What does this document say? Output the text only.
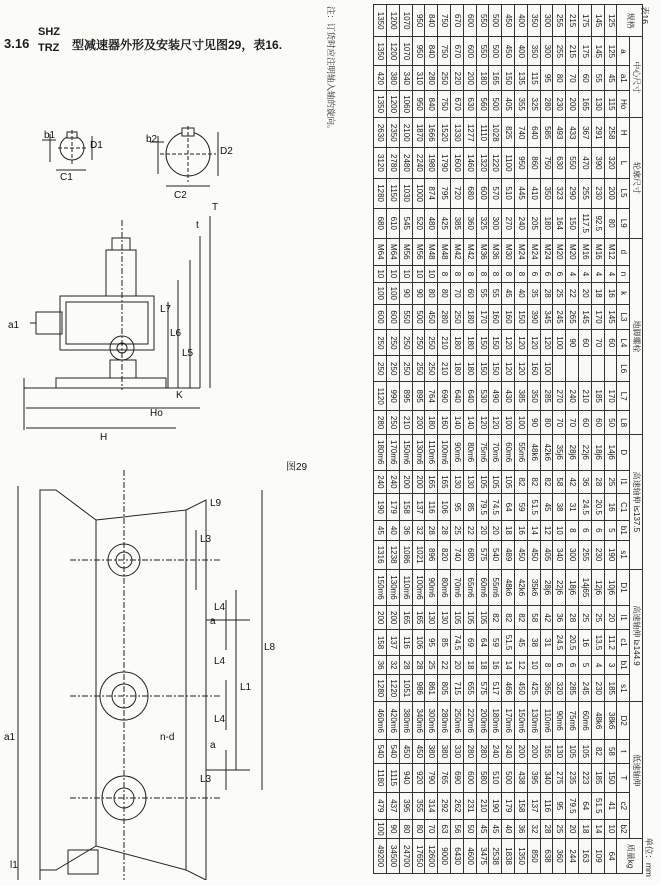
3.16
SHZ
TRZ 型减速器外形及安装尺寸见图29，表16.
b1
D1
C1
b2
D2
C2
t
T
a1
L7
L6
L5
K
Ho
H
L9
a
a
a1
L3
L4
L4
L4
L3
L1
L8
n-d
l1
图29
表16
单位：mm
规格	中心尺寸			轮廓尺寸				地脚螺栓								高速轴伸 i≤137.5					高速轴伸 i≥144.9					低速轴伸					质量kg
	a	a1	Ho	H	L	L5	L9	d	n	k	L3	L4	L6	L7	L8	D	l1	C1	b1	s1	D1	l1	c1	b1	s1	D2	t	T	c2	b2	
125	125	45	115	258	320	200	80	M12	4	16	145	60		170	50	14j6	25	16	5	190	10j6	20	11.2	3	185	38k6	58	150	41	10	64
145	145	55	130	291	390	230	92.5	M16	4	18	170	70		185	60	18j6	28	20.5	6	230	12j6	25	13.5	4	230	48k6	82	185	51.5	14	109
175	175	60	165	367	470	255	117.5	M16	4	20	145	60		210	60	22j6	36	24.5	6	255	14j65	25	16	5	245	60m6	105	223	64	18	163
215	215	70	200	433	550	290	150	M20	4	22	265	90		240	70	28j6	42	31	8	300	18j6	28	20.5	6	285	75m6	105	235	79.5	20	244
255	255	80	230	493	630	323	164	M20	6	25	245	100		270	70	35j6	58	38	10	340	22j6	36	24.5	6	320	90m6	130	275	95	25	360
300	300	95	280	585	750	350	180	M24	6	28	345	120	100	285	80	42k6	82	45	12	405	28j6	42	31	8	365	110m6	165	340	116	28	638
350	350	115	325	640	860	410	205	M24	6	35	390	120	160	350	90	48k6	82	51.5	14	450	35k6	58	38	10	425	130m6	200	395	137	32	850
400	400	135	355	740	950	445	240	M24	8	40	150	120	120	385	100	55m6	82	59	16	450	42k6	82	45	12	450	150m6	200	438	158	36	1350
450	450	150	405	825	1100	510	270	M30	8	45	160	120	120	430	100	60m6	105	64	18	489	48k6	82	51.5	14	466	170m6	240	500	179	40	1838
500	500	165	500	1028	1220	570	300	M36	8	55	160	150	150	490	120	70m6	105	74.5	20	540	55m6	82	59	16	517	180m6	240	510	190	45	2538
550	550	180	560	1110	1320	600	325	M36	8	55	170	150	150	530	120	75m6	105	79.5	20	575	60m6	105	64	18	575	200m6	280	580	210	45	3475
600	600	200	630	1277	1460	680	360	M42	8	60	180	180	180	640	140	80m6	130	85	22	680	65m6	105	69	18	655	220m6	280	600	231	50	4600
670	670	220	670	1330	1600	720	385	M42	8	70	250	180	180	640	140	90m6	130	95	25	740	70m6	105	74.5	20	715	250m6	330	690	262	56	6430
750	750	250	750	1520	1790	795	425	M48	8	80	280	210	210	690	160	100m6	165	106	28	820	80m6	130	85	22	805	280m6	380	765	292	63	9000
840	840	280	840	1666	1980	874	480	M48	10	80	450	250	250	764	180	110m6	165	116	28	896	90m6	130	95	25	861	300m6	380	790	314	70	12600
950	950	310	950	1870	2240	1000	520	M56	10	90	500	250	250	895	200	130m6	200	137	32	1021	100m6	165	106	28	986	340m6	450	920	355	80	17650
1070	1070	340	1060	2100	2480	1030	545	M56	10	90	550	250	250	895	210	150m6	200	158	36	1086	110m6	165	116	28	1051	380m6	450	940	395	80	24700
1200	1200	380	1200	2350	2780	1150	610	M64	10	100	600	250	250	990	250	170m6	240	179	40	1238	130m6	200	137	32	1220	420m6	540	1115	437	90	34500
1350	1350	420	1350	2630	3120	1280	680	M64	10	100	600	250	250	1120	280	180m6	240	190	45	1316	150m6	200	158	36	1280	460m6	540	1180	479	100	49200
注：订货时应注明轴入轴的旋向。
